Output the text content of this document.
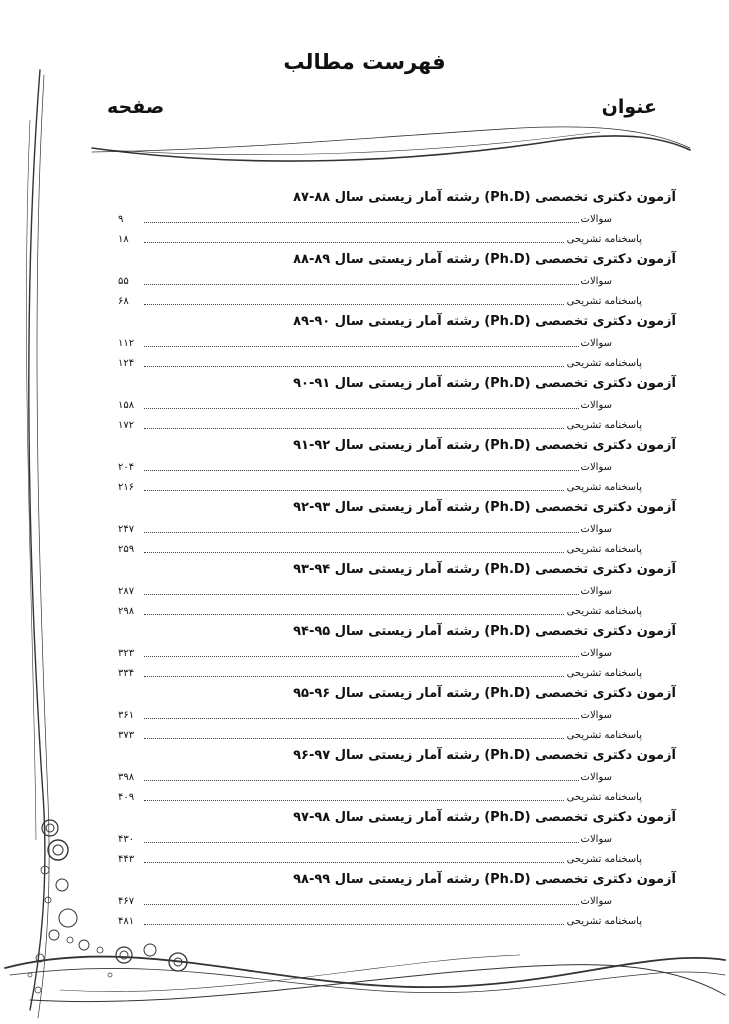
فهرست مطالب
عنوان
صفحه
آزمون دکتری تخصصی (Ph.D) رشته آمار زیستی سال ۸۸-۸۷
سوالات
۹
پاسخنامه تشریحی
۱۸
آزمون دکتری تخصصی (Ph.D) رشته آمار زیستی سال ۸۹-۸۸
سوالات
۵۵
پاسخنامه تشریحی
۶۸
آزمون دکتری تخصصی (Ph.D) رشته آمار زیستی سال ۹۰-۸۹
سوالات
۱۱۲
پاسخنامه تشریحی
۱۲۴
آزمون دکتری تخصصی (Ph.D) رشته آمار زیستی سال ۹۱-۹۰
سوالات
۱۵۸
پاسخنامه تشریحی
۱۷۲
آزمون دکتری تخصصی (Ph.D) رشته آمار زیستی سال ۹۲-۹۱
سوالات
۲۰۴
پاسخنامه تشریحی
۲۱۶
آزمون دکتری تخصصی (Ph.D) رشته آمار زیستی سال ۹۳-۹۲
سوالات
۲۴۷
پاسخنامه تشریحی
۲۵۹
آزمون دکتری تخصصی (Ph.D) رشته آمار زیستی سال ۹۴-۹۳
سوالات
۲۸۷
پاسخنامه تشریحی
۲۹۸
آزمون دکتری تخصصی (Ph.D) رشته آمار زیستی سال ۹۵-۹۴
سوالات
۳۲۳
پاسخنامه تشریحی
۳۳۴
آزمون دکتری تخصصی (Ph.D) رشته آمار زیستی سال ۹۶-۹۵
سوالات
۳۶۱
پاسخنامه تشریحی
۳۷۳
آزمون دکتری تخصصی (Ph.D) رشته آمار زیستی سال ۹۷-۹۶
سوالات
۳۹۸
پاسخنامه تشریحی
۴۰۹
آزمون دکتری تخصصی (Ph.D) رشته آمار زیستی سال ۹۸-۹۷
سوالات
۴۳۰
پاسخنامه تشریحی
۴۴۳
آزمون دکتری تخصصی (Ph.D) رشته آمار زیستی سال ۹۹-۹۸
سوالات
۴۶۷
پاسخنامه تشریحی
۴۸۱
